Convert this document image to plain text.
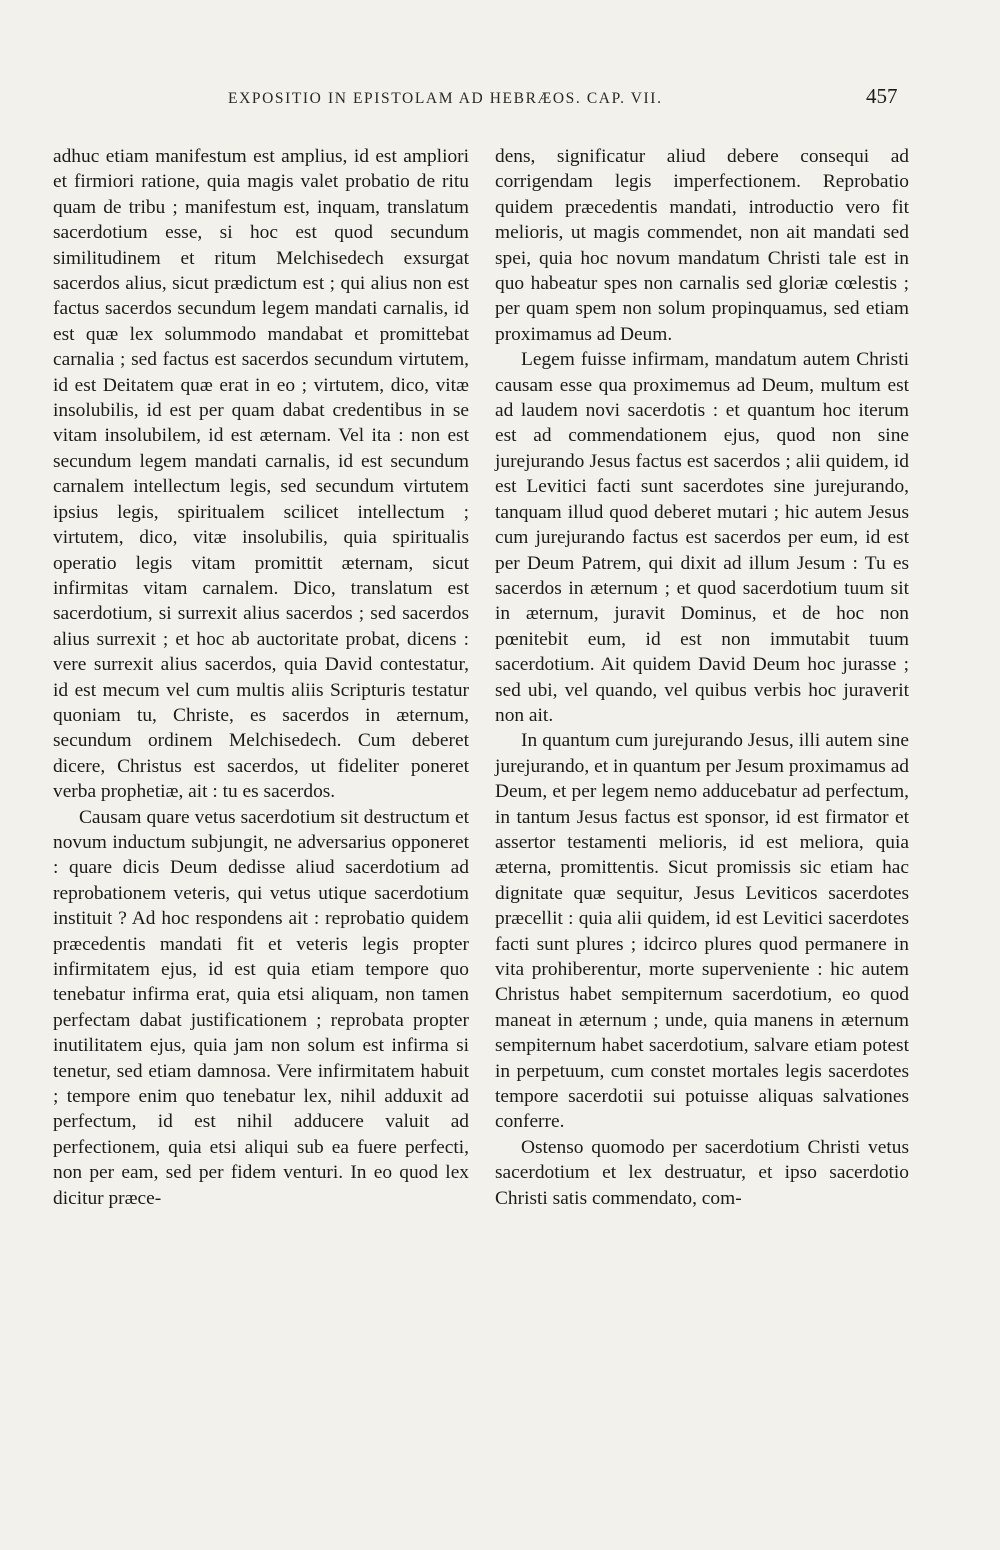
EXPOSITIO IN EPISTOLAM AD HEBRÆOS. CAP. VII.	457

adhuc etiam manifestum est amplius, id est ampliori et firmiori ratione, quia magis valet probatio de ritu quam de tribu ; manifestum est, inquam, translatum sacerdotium esse, si hoc est quod secundum similitudinem et ritum Melchisedech exsurgat sacerdos alius, sicut prædictum est ; qui alius non est factus sacerdos secundum legem mandati carnalis, id est quæ lex solummodo mandabat et promittebat carnalia ; sed factus est sacerdos secundum virtutem, id est Deitatem quæ erat in eo ; virtutem, dico, vitæ insolubilis, id est per quam dabat credentibus in se vitam insolubilem, id est æternam. Vel ita : non est secundum legem mandati carnalis, id est secundum carnalem intellectum legis, sed secundum virtutem ipsius legis, spiritualem scilicet intellectum ; virtutem, dico, vitæ insolubilis, quia spiritualis operatio legis vitam promittit æternam, sicut infirmitas vitam carnalem. Dico, translatum est sacerdotium, si surrexit alius sacerdos ; sed sacerdos alius surrexit ; et hoc ab auctoritate probat, dicens : vere surrexit alius sacerdos, quia David contestatur, id est mecum vel cum multis aliis Scripturis testatur quoniam tu, Christe, es sacerdos in æternum, secundum ordinem Melchisedech. Cum deberet dicere, Christus est sacerdos, ut fideliter poneret verba prophetiæ, ait : tu es sacerdos.

Causam quare vetus sacerdotium sit destructum et novum inductum subjungit, ne adversarius opponeret : quare dicis Deum dedisse aliud sacerdotium ad reprobationem veteris, qui vetus utique sacerdotium instituit ? Ad hoc respondens ait : reprobatio quidem præcedentis mandati fit et veteris legis propter infirmitatem ejus, id est quia etiam tempore quo tenebatur infirma erat, quia etsi aliquam, non tamen perfectam dabat justificationem ; reprobata propter inutilitatem ejus, quia jam non solum est infirma si tenetur, sed etiam damnosa. Vere infirmitatem habuit ; tempore enim quo tenebatur lex, nihil adduxit ad perfectum, id est nihil adducere valuit ad perfectionem, quia etsi aliqui sub ea fuere perfecti, non per eam, sed per fidem venturi. In eo quod lex dicitur præce-

dens, significatur aliud debere consequi ad corrigendam legis imperfectionem. Reprobatio quidem præcedentis mandati, introductio vero fit melioris, ut magis commendet, non ait mandati sed spei, quia hoc novum mandatum Christi tale est in quo habeatur spes non carnalis sed gloriæ cœlestis ; per quam spem non solum propinquamus, sed etiam proximamus ad Deum.

Legem fuisse infirmam, mandatum autem Christi causam esse qua proximemus ad Deum, multum est ad laudem novi sacerdotis : et quantum hoc iterum est ad commendationem ejus, quod non sine jurejurando Jesus factus est sacerdos ; alii quidem, id est Levitici facti sunt sacerdotes sine jurejurando, tanquam illud quod deberet mutari ; hic autem Jesus cum jurejurando factus est sacerdos per eum, id est per Deum Patrem, qui dixit ad illum Jesum : Tu es sacerdos in æternum ; et quod sacerdotium tuum sit in æternum, juravit Dominus, et de hoc non pœnitebit eum, id est non immutabit tuum sacerdotium. Ait quidem David Deum hoc jurasse ; sed ubi, vel quando, vel quibus verbis hoc juraverit non ait.

In quantum cum jurejurando Jesus, illi autem sine jurejurando, et in quantum per Jesum proximamus ad Deum, et per legem nemo adducebatur ad perfectum, in tantum Jesus factus est sponsor, id est firmator et assertor testamenti melioris, id est meliora, quia æterna, promittentis. Sicut promissis sic etiam hac dignitate quæ sequitur, Jesus Leviticos sacerdotes præcellit : quia alii quidem, id est Levitici sacerdotes facti sunt plures ; idcirco plures quod permanere in vita prohiberentur, morte superveniente : hic autem Christus habet sempiternum sacerdotium, eo quod maneat in æternum ; unde, quia manens in æternum sempiternum habet sacerdotium, salvare etiam potest in perpetuum, cum constet mortales legis sacerdotes tempore sacerdotii sui potuisse aliquas salvationes conferre.

Ostenso quomodo per sacerdotium Christi vetus sacerdotium et lex destruatur, et ipso sacerdotio Christi satis commendato, com-
